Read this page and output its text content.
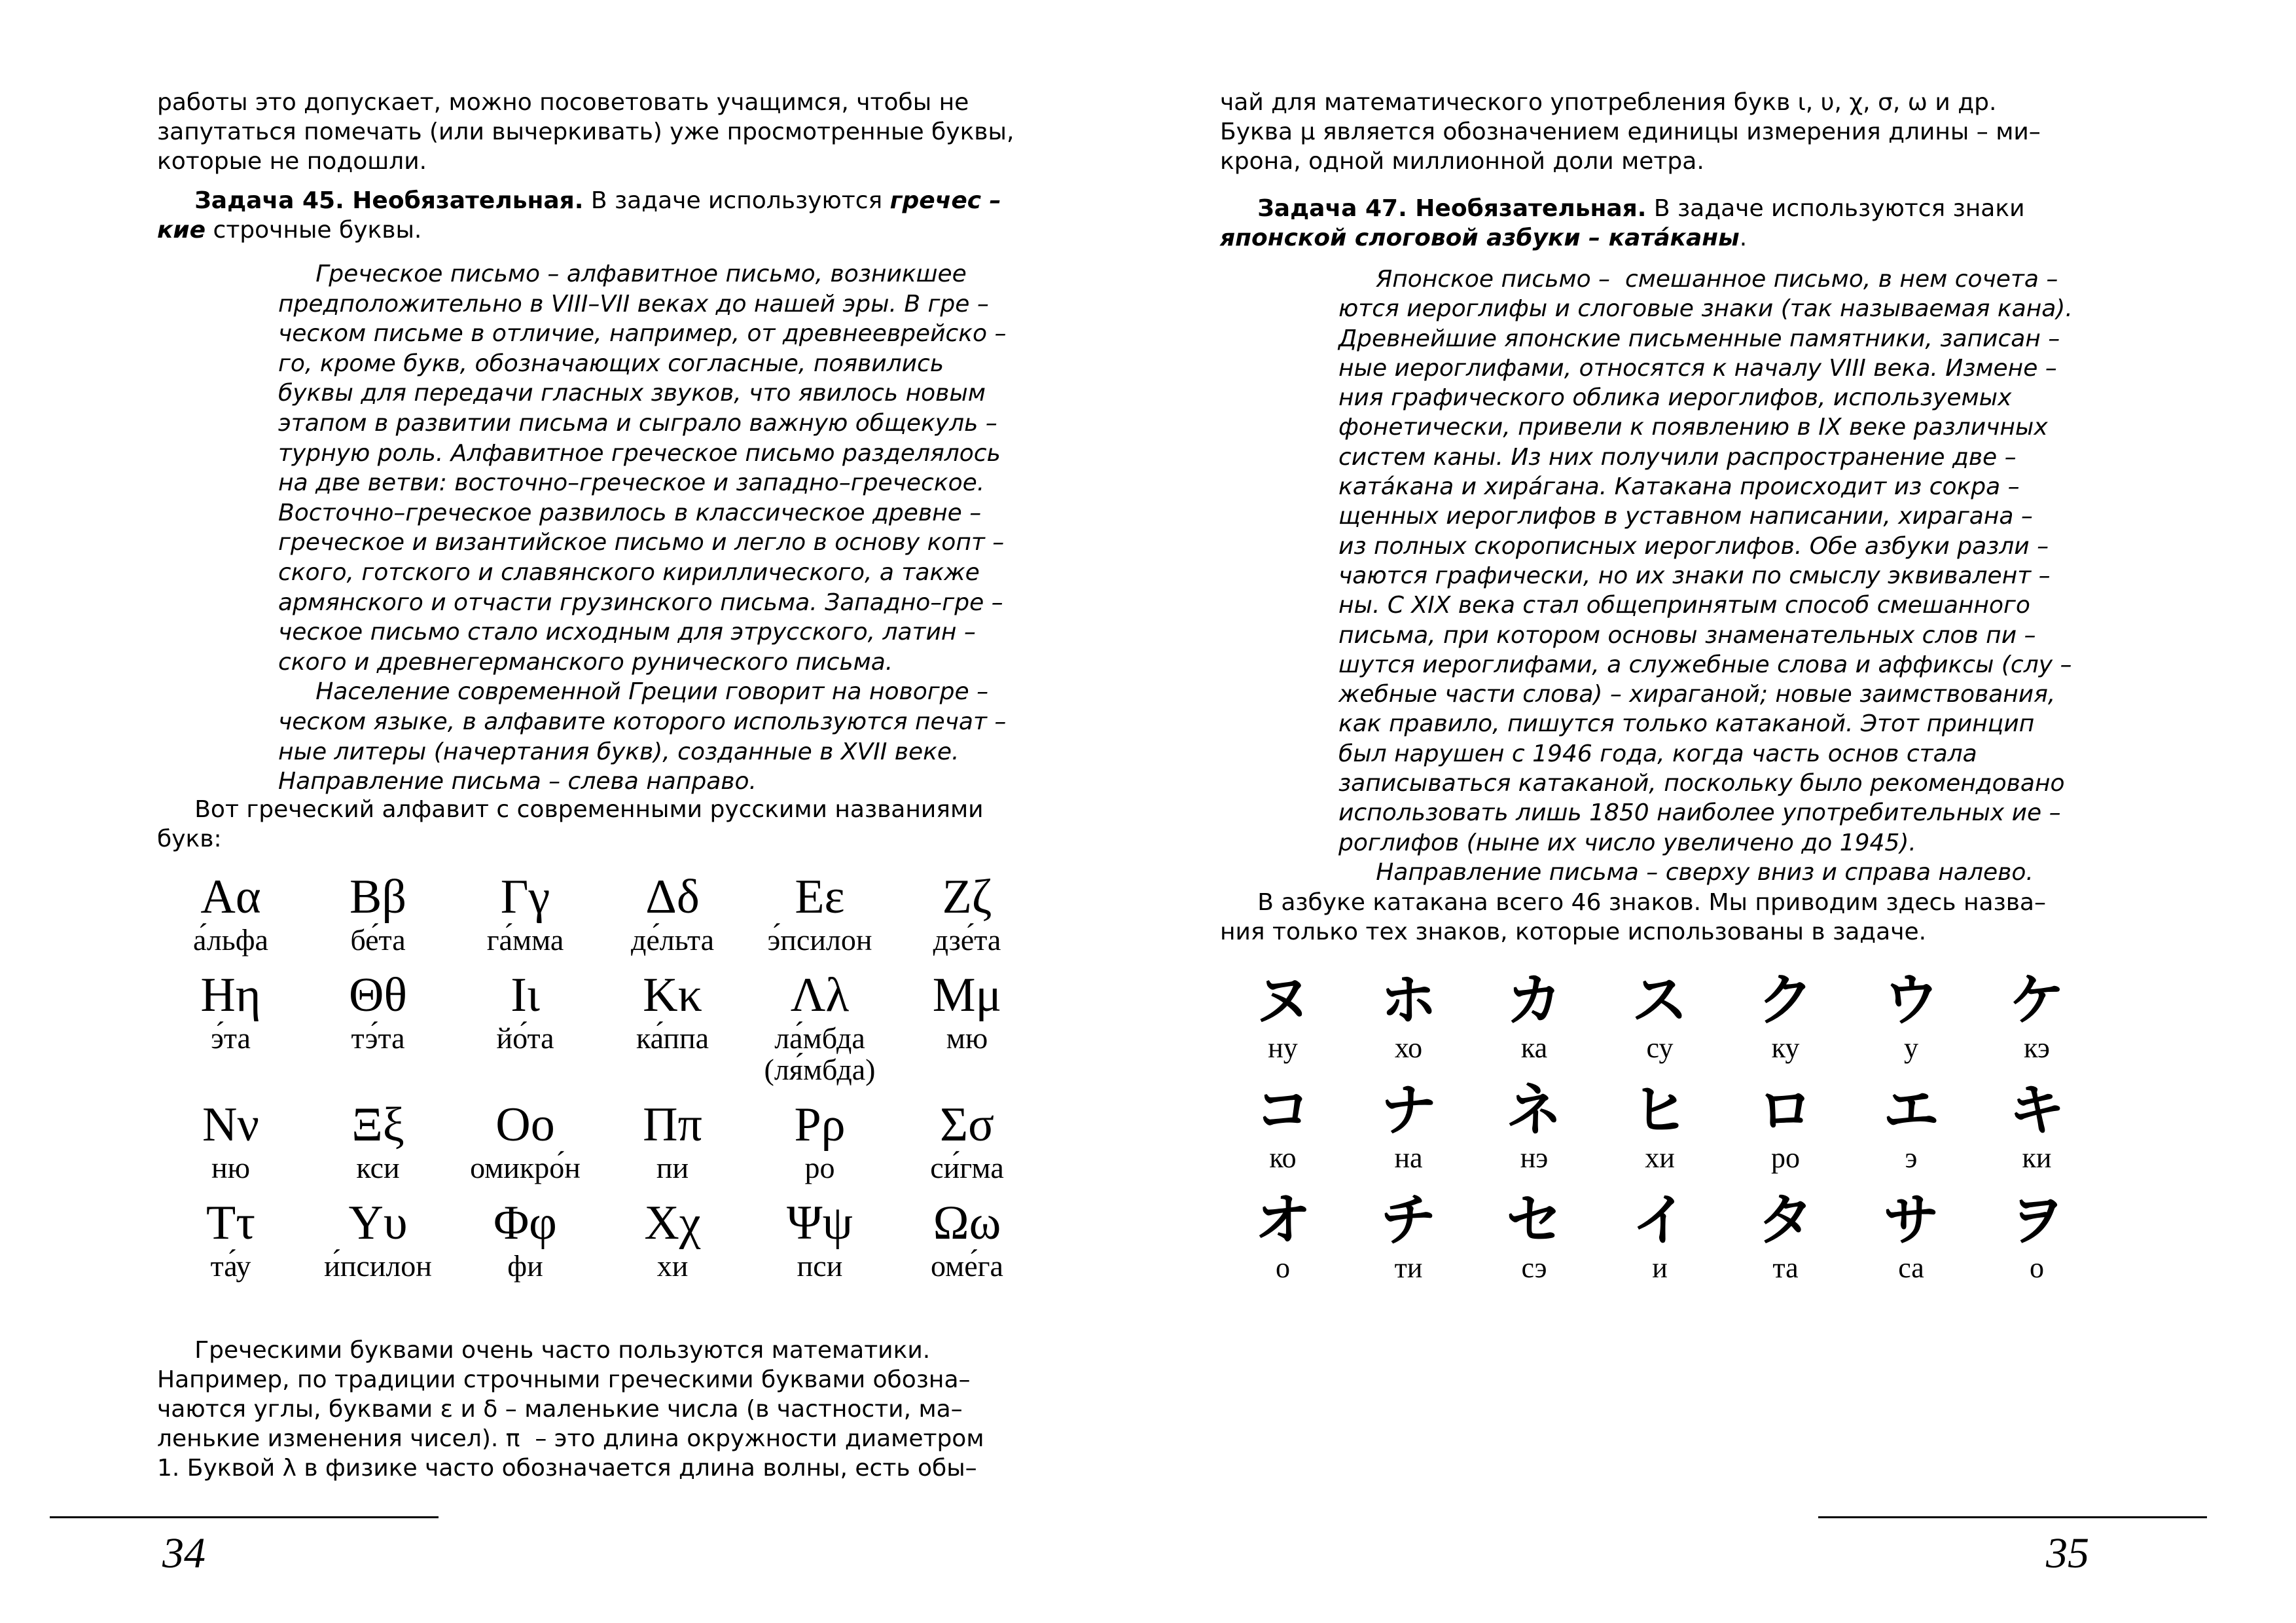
работы это допускает, можно посоветовать учащимся, чтобы не
запутаться помечать (или вычеркивать) уже просмотренные буквы,
которые не подошли.
Задача 45. Необязательная. В задаче используются гречес –
кие строчные буквы.
Греческое письмо – алфавитное письмо, возникшее
предположительно в VIII–VII веках до нашей эры. В гре –
ческом письме в отличие, например, от древнееврейско –
го, кроме букв, обозначающих согласные, появились
буквы для передачи гласных звуков, что явилось новым
этапом в развитии письма и сыграло важную общекуль –
турную роль. Алфавитное греческое письмо разделялось
на две ветви: восточно–греческое и западно–греческое.
Восточно–греческое развилось в классическое древне –
греческое и византийское письмо и легло в основу копт –
ского, готского и славянского кириллического, а также
армянского и отчасти грузинского письма. Западно–гре –
ческое письмо стало исходным для этрусского, латин –
ского и древнегерманского рунического письма.
Население современной Греции говорит на новогре –
ческом языке, в алфавите которого используются печат –
ные литеры (начертания букв), созданные в XVII веке.
Направление письма – слева направо.
Вот греческий алфавит с современными русскими названиями
букв:
Αα
а́льфа
Ββ
бе́та
Γγ
га́мма
Δδ
де́льта
Εε
э́псилон
Ζζ
дзе́та
Ηη
э́та
Θθ
тэ́та
Ιι
йо́та
Κκ
ка́ппа
Λλ
ла́мбда
(ля́мбда)
Μμ
мю
Νν
ню
Ξξ
кси
Οο
омикро́н
Ππ
пи
Ρρ
ро
Σσ
си́гма
Ττ
та́у
Υυ
и́псилон
Φφ
фи
Χχ
хи
Ψψ
пси
Ωω
оме́га
Греческими буквами очень часто пользуются математики.
Например, по традиции строчными греческими буквами обозна–
чаются углы, буквами ε и δ – маленькие числа (в частности, ма–
ленькие изменения чисел). π  – это длина окружности диаметром
1. Буквой λ в физике часто обозначается длина волны, есть обы–
34
чай для математического употребления букв ι, υ, χ, σ, ω и др.
Буква μ является обозначением единицы измерения длины – ми–
крона, одной миллионной доли метра.
Задача 47. Необязательная. В задаче используются знаки
японской слоговой азбуки – ката́каны.
Японское письмо –  смешанное письмо, в нем сочета –
ются иероглифы и слоговые знаки (так называемая кана).
Древнейшие японские письменные памятники, записан –
ные иероглифами, относятся к началу VIII века. Измене –
ния графического облика иероглифов, используемых
фонетически, привели к появлению в IX веке различных
систем каны. Из них получили распространение две –
ката́кана и хира́гана. Катакана происходит из сокра –
щенных иероглифов в уставном написании, хирагана –
из полных скорописных иероглифов. Обе азбуки разли –
чаются графически, но их знаки по смыслу эквивалент –
ны. С XIX века стал общепринятым способ смешанного
письма, при котором основы знаменательных слов пи –
шутся иероглифами, а служебные слова и аффиксы (слу –
жебные части слова) – хираганой; новые заимствования,
как правило, пишутся только катаканой. Этот принцип
был нарушен с 1946 года, когда часть основ стала
записываться катаканой, поскольку было рекомендовано
использовать лишь 1850 наиболее употребительных ие –
роглифов (ныне их число увеличено до 1945).
Направление письма – сверху вниз и справа налево.
В азбуке катакана всего 46 знаков. Мы приводим здесь назва–
ния только тех знаков, которые использованы в задаче.
ヌ
ну
ホ
хо
カ
ка
ス
су
ク
ку
ウ
у
ケ
кэ
コ
ко
ナ
на
ネ
нэ
ヒ
хи
ロ
ро
エ
э
キ
ки
オ
о
チ
ти
セ
сэ
イ
и
タ
та
サ
са
ヲ
о
35
